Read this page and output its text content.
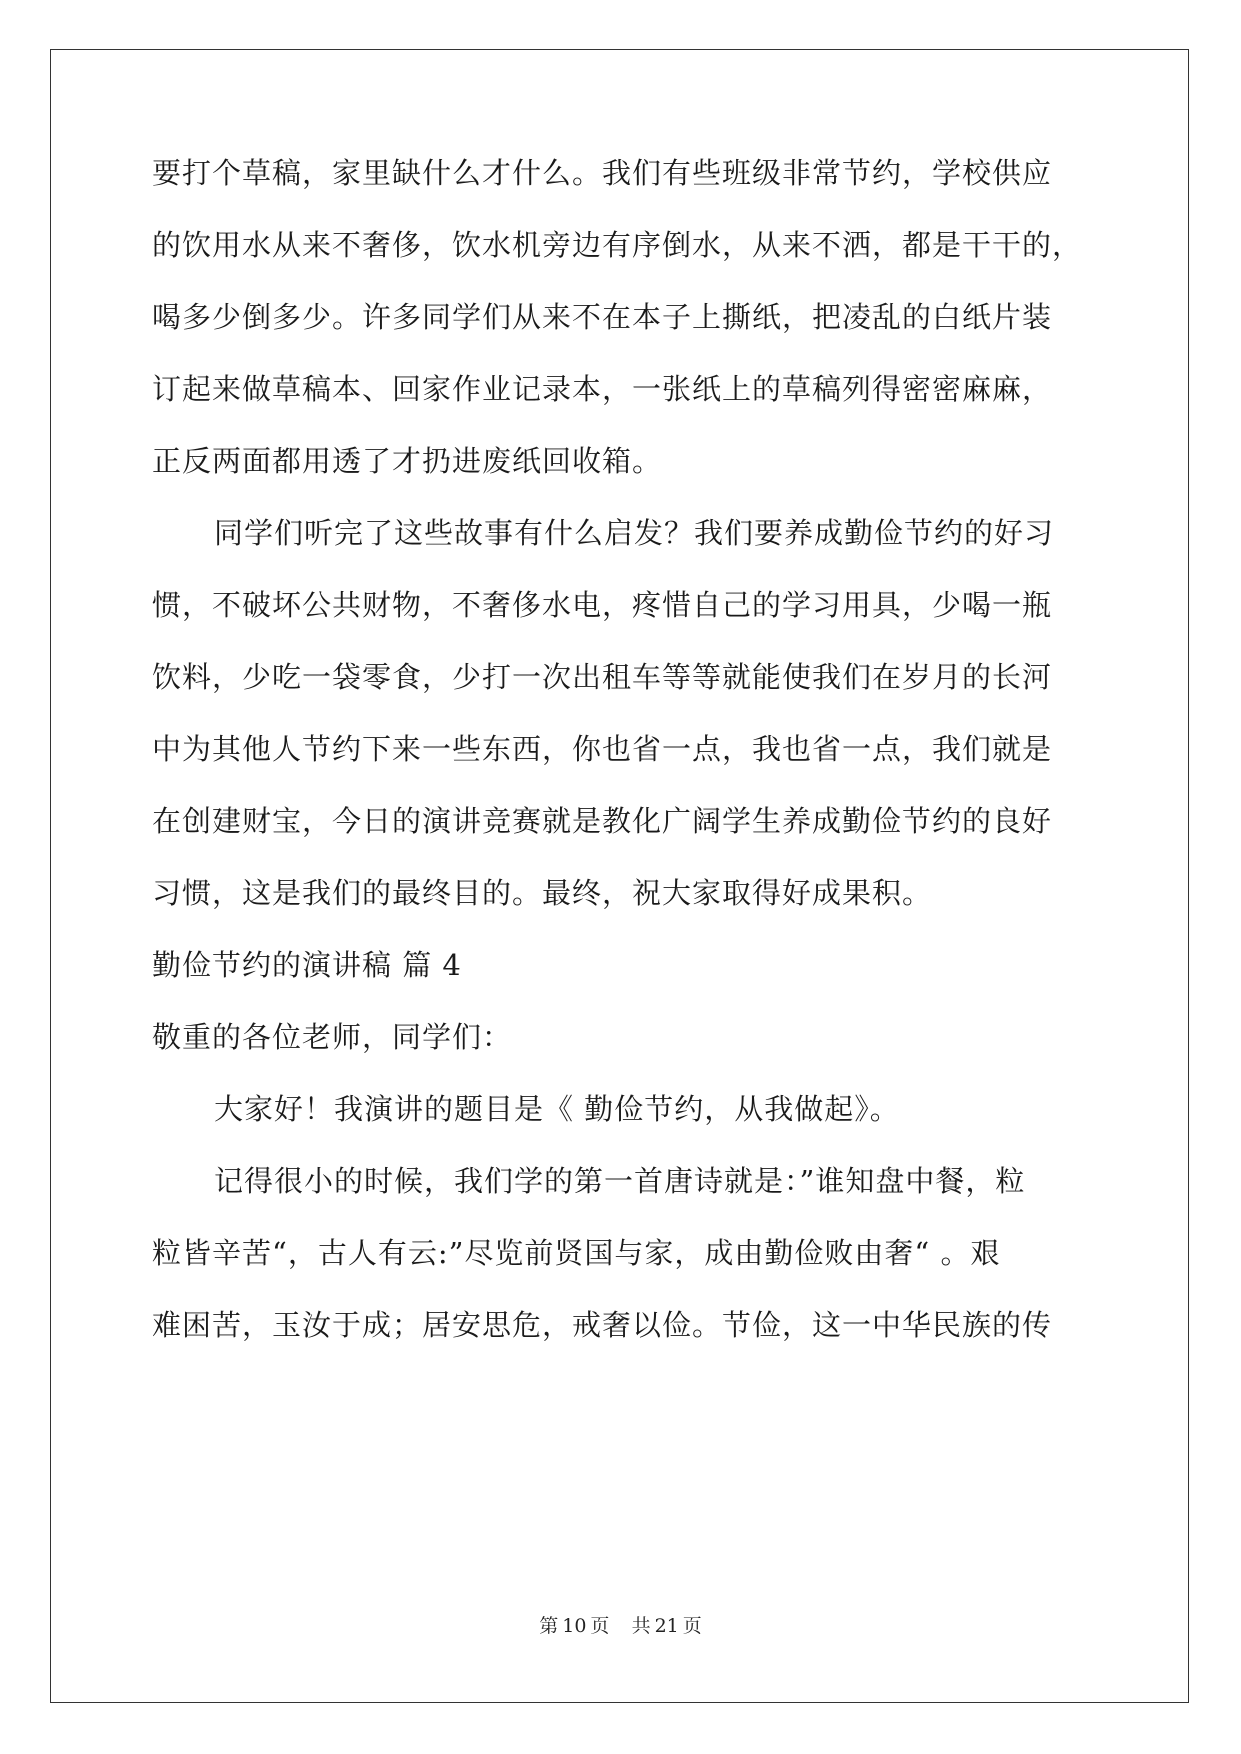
要打个草稿，家里缺什么才什么。我们有些班级非常节约，学校供应
的饮用水从来不奢侈，饮水机旁边有序倒水，从来不洒，都是干干的，
喝多少倒多少。许多同学们从来不在本子上撕纸，把凌乱的白纸片装
订起来做草稿本、回家作业记录本，一张纸上的草稿列得密密麻麻，
正反两面都用透了才扔进废纸回收箱。
同学们听完了这些故事有什么启发？我们要养成勤俭节约的好习
惯，不破坏公共财物，不奢侈水电，疼惜自己的学习用具，少喝一瓶
饮料，少吃一袋零食，少打一次出租车等等就能使我们在岁月的长河
中为其他人节约下来一些东西，你也省一点，我也省一点，我们就是
在创建财宝，今日的演讲竞赛就是教化广阔学生养成勤俭节约的良好
习惯，这是我们的最终目的。最终，祝大家取得好成果积。
勤俭节约的演讲稿 篇 4
敬重的各位老师，同学们：
大家好！我演讲的题目是《 勤俭节约，从我做起》。
记得很小的时候，我们学的第一首唐诗就是：”谁知盘中餐，粒
粒皆辛苦“，古人有云:”尽览前贤国与家，成由勤俭败由奢“ 。艰
难困苦，玉汝于成；居安思危，戒奢以俭。节俭，这一中华民族的传
第 10 页 共 21 页
